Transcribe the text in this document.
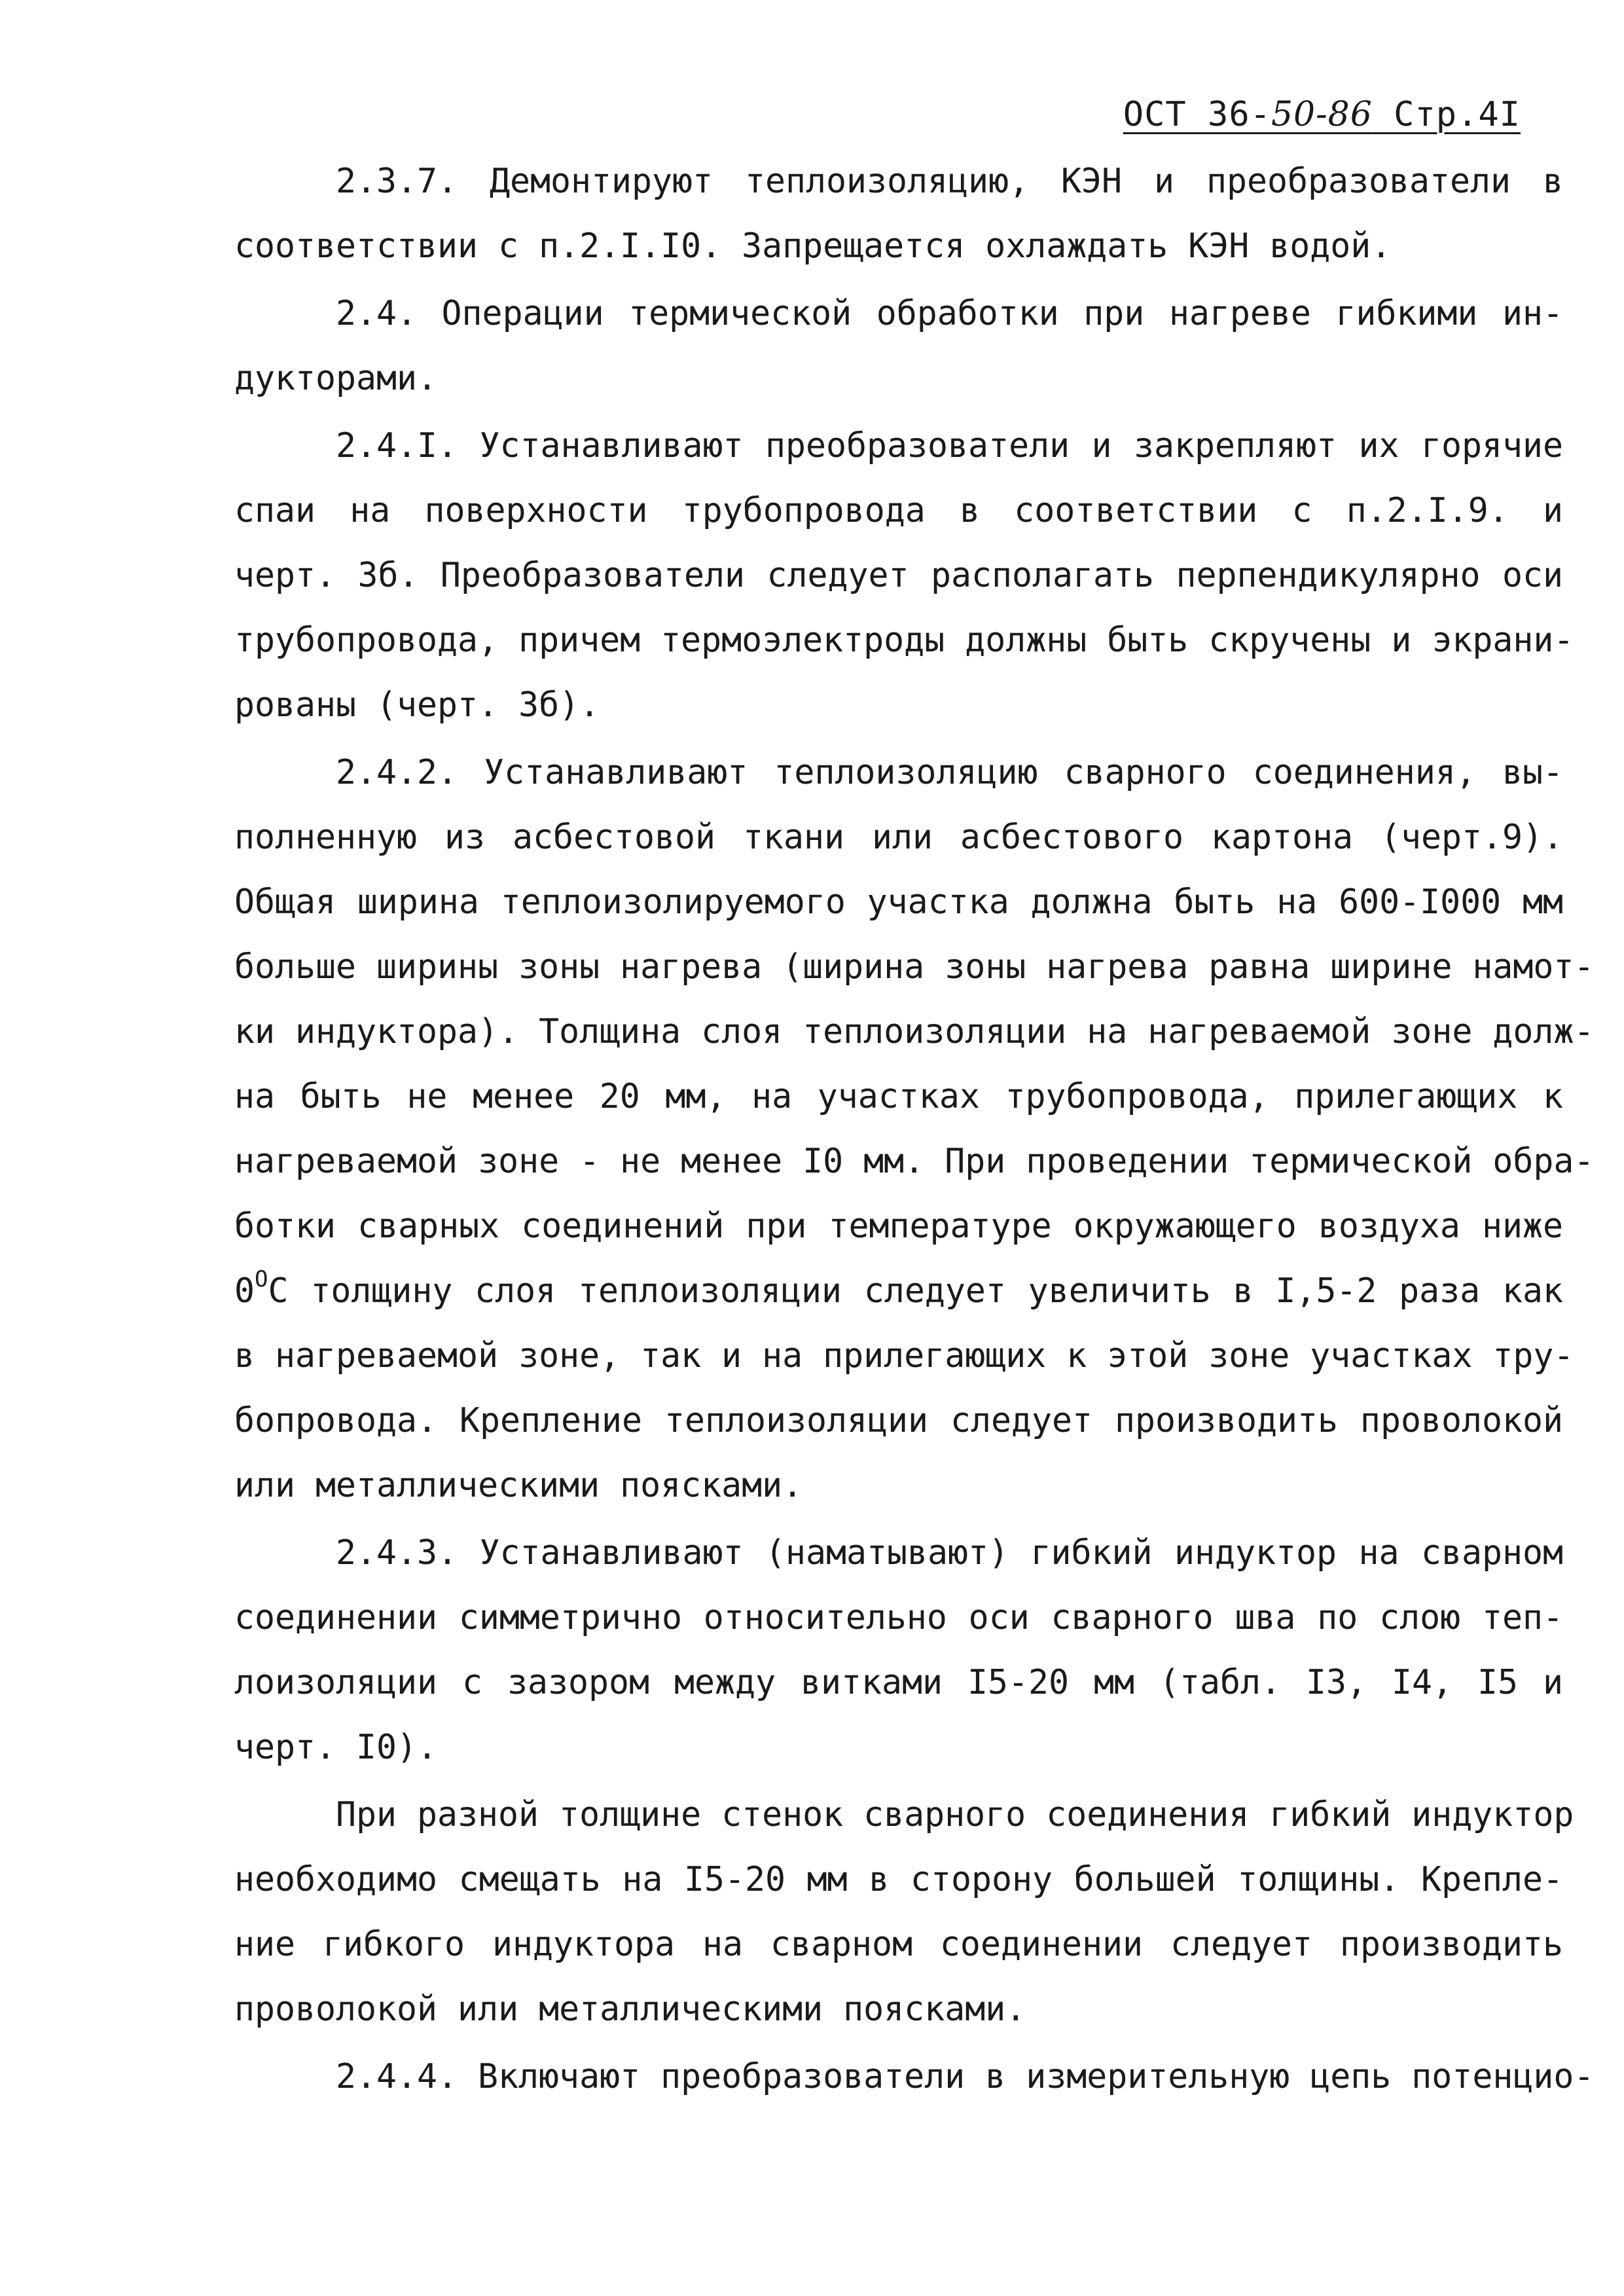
ОСТ 36-50-86 Стр.4I
2.3.7. Демонтируют теплоизоляцию, КЭН и преобразователи в
соответствии с п.2.I.I0. Запрещается охлаждать КЭН водой.
2.4. Операции термической обработки при нагреве гибкими ин-
дукторами.
2.4.I. Устанавливают преобразователи и закрепляют их горячие
спаи на поверхности трубопровода в соответствии с п.2.I.9. и
черт. 3б. Преобразователи следует располагать перпендикулярно оси
трубопровода, причем термоэлектроды должны быть скручены и экрани-
рованы (черт. 3б).
2.4.2. Устанавливают теплоизоляцию сварного соединения, вы-
полненную из асбестовой ткани или асбестового картона (черт.9).
Общая ширина теплоизолируемого участка должна быть на 600-I000 мм
больше ширины зоны нагрева (ширина зоны нагрева равна ширине намот-
ки индуктора). Толщина слоя теплоизоляции на нагреваемой зоне долж-
на быть не менее 20 мм, на участках трубопровода, прилегающих к
нагреваемой зоне - не менее I0 мм. При проведении термической обра-
ботки сварных соединений при температуре окружающего воздуха ниже
$0^ОС$ толщину слоя теплоизоляции следует увеличить в I,5-2 раза как
в нагреваемой зоне, так и на прилегающих к этой зоне участках тру-
бопровода. Крепление теплоизоляции следует производить проволокой
или металлическими поясками.
2.4.3. Устанавливают (наматывают) гибкий индуктор на сварном
соединении симметрично относительно оси сварного шва по слою теп-
лоизоляции с зазором между витками I5-20 мм (табл. I3, I4, I5 и
черт. I0).
При разной толщине стенок сварного соединения гибкий индуктор
необходимо смещать на I5-20 мм в сторону большей толщины. Крепле-
ние гибкого индуктора на сварном соединении следует производить
проволокой или металлическими поясками.
2.4.4. Включают преобразователи в измерительную цепь потенцио-
